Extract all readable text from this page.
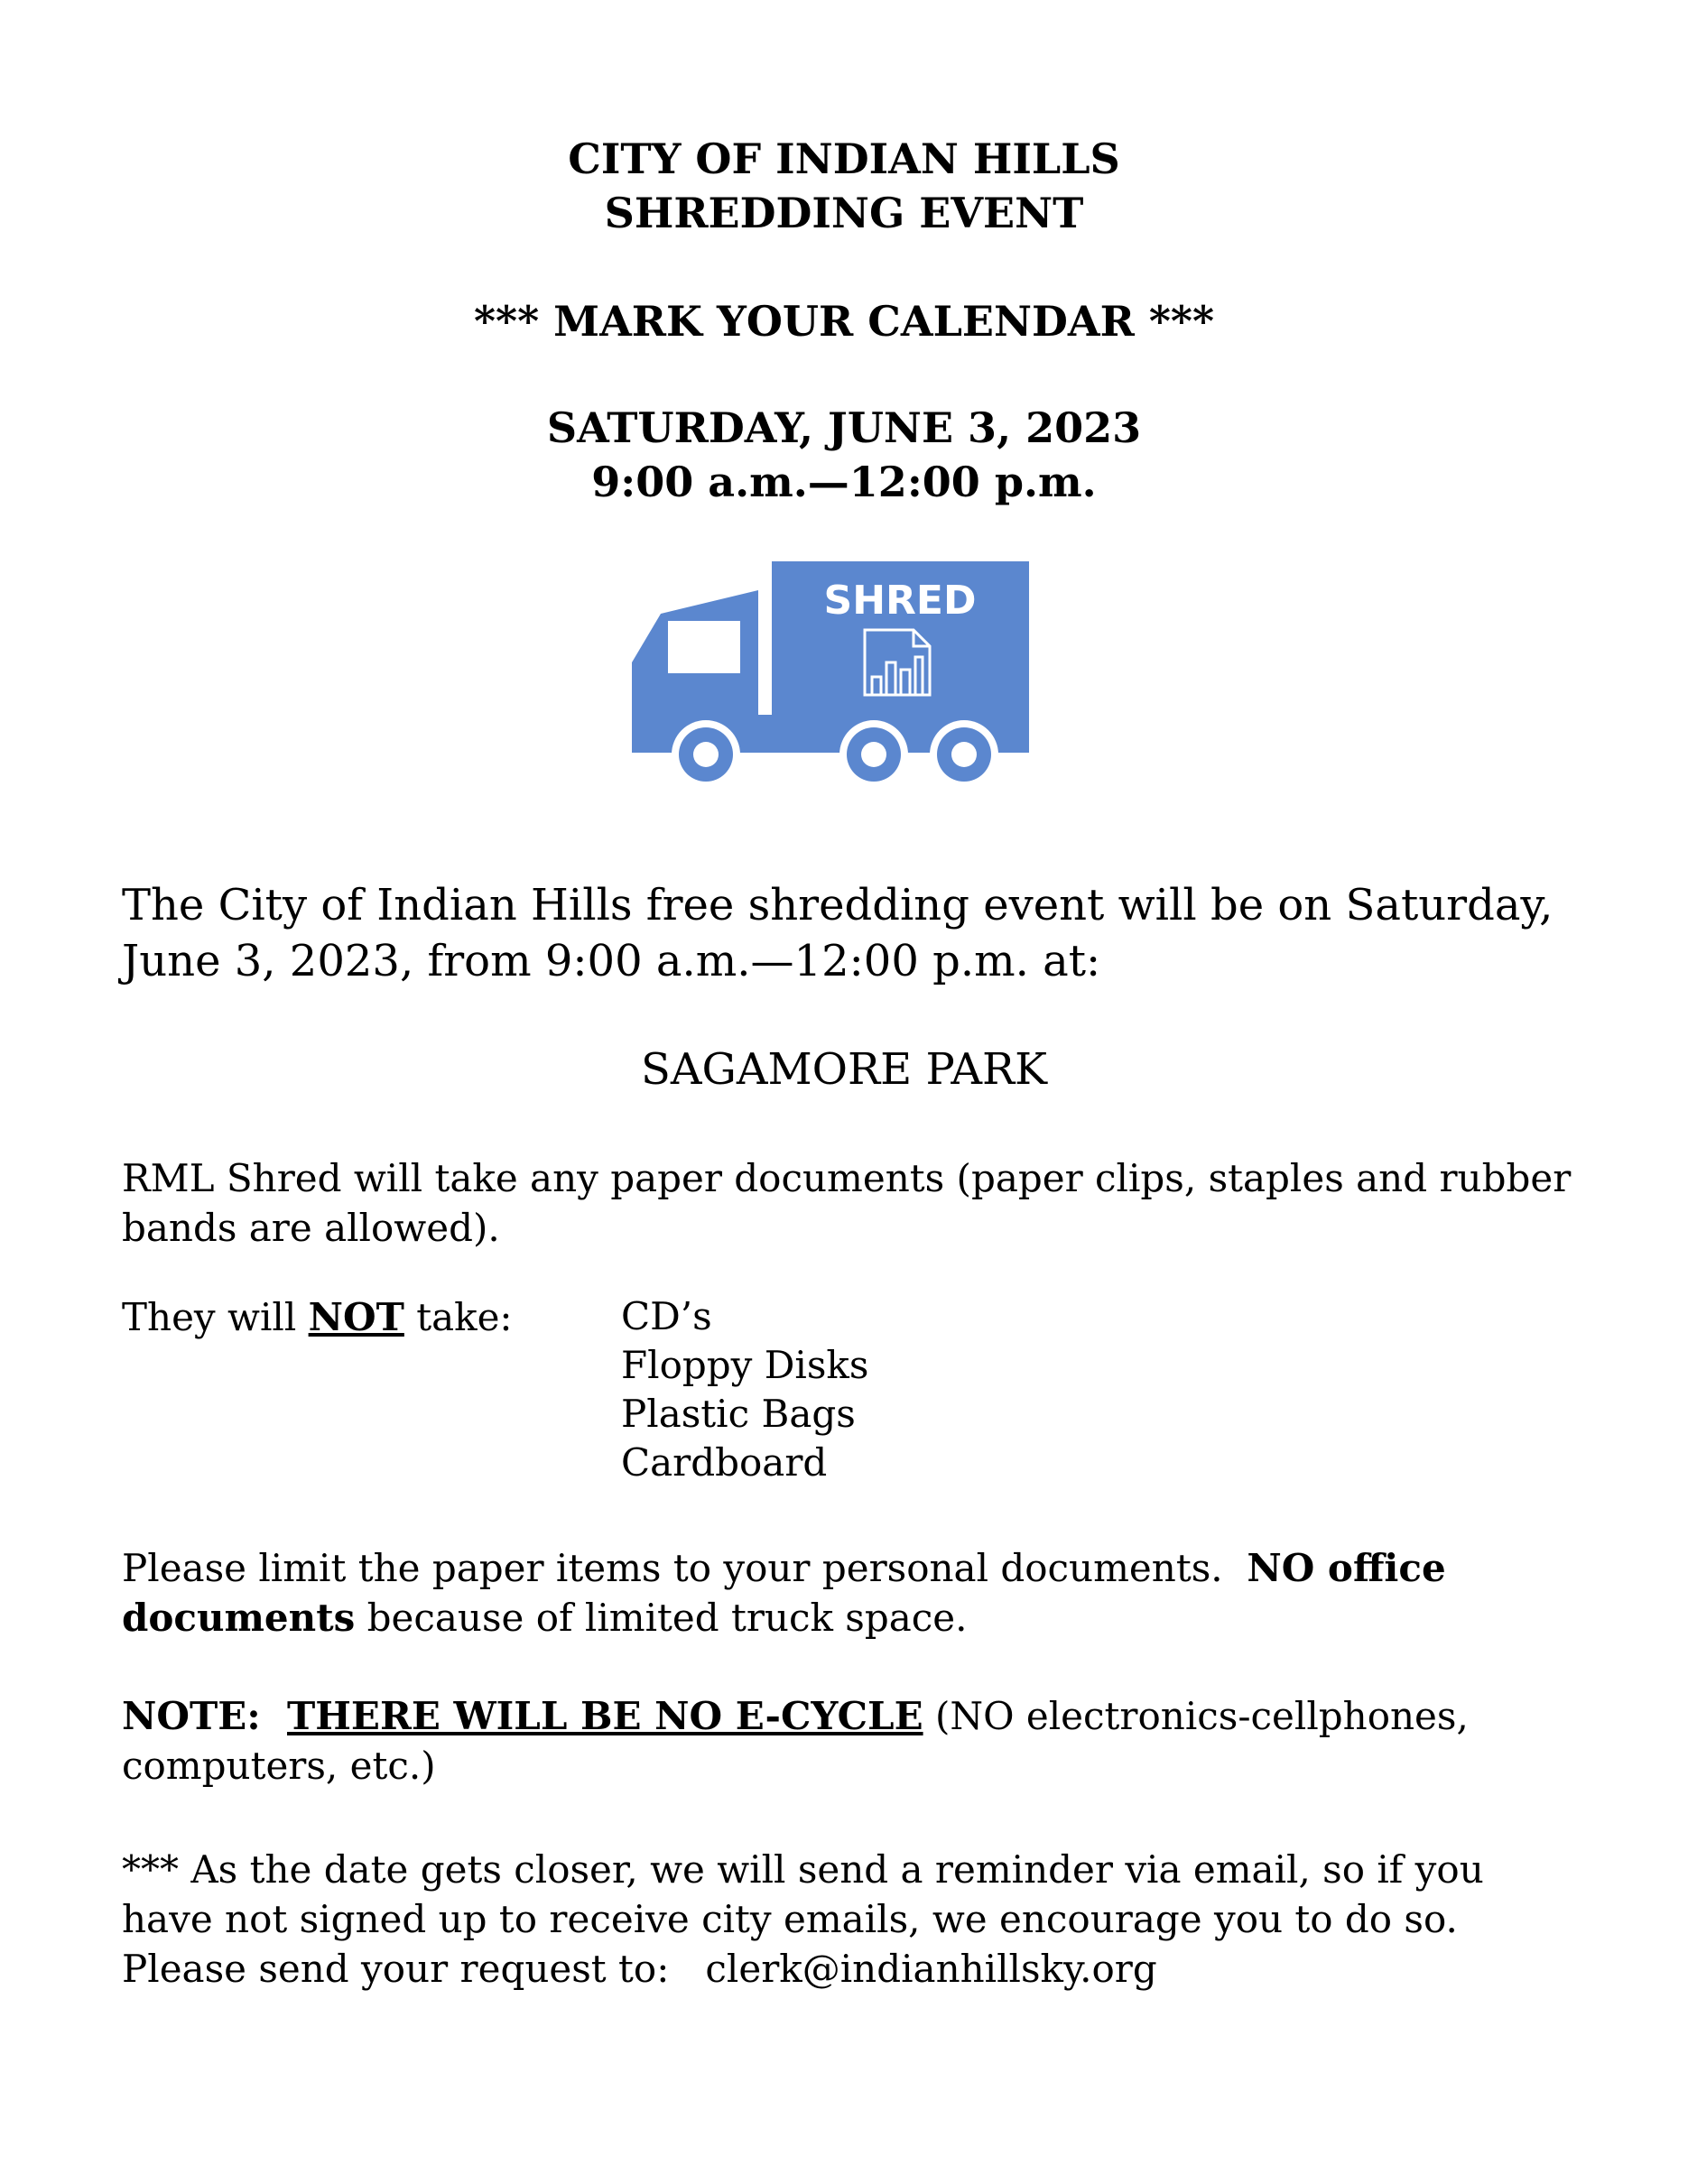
CITY OF INDIAN HILLS
SHREDDING EVENT
*** MARK YOUR CALENDAR ***
SATURDAY, JUNE 3, 2023
9:00 a.m.—12:00 p.m.
SHRED
The City of Indian Hills free shredding event will be on Saturday, June 3, 2023, from 9:00 a.m.—12:00 p.m. at:
SAGAMORE PARK
RML Shred will take any paper documents (paper clips, staples and rubber bands are allowed).
They will NOT take:	CD’s
Floppy Disks
Plastic Bags
Cardboard
Please limit the paper items to your personal documents.  NO office documents because of limited truck space.
NOTE:  THERE WILL BE NO E-CYCLE (NO electronics-cellphones, computers, etc.)
*** As the date gets closer, we will send a reminder via email, so if you have not signed up to receive city emails, we encourage you to do so. Please send your request to:   clerk@indianhillsky.org
